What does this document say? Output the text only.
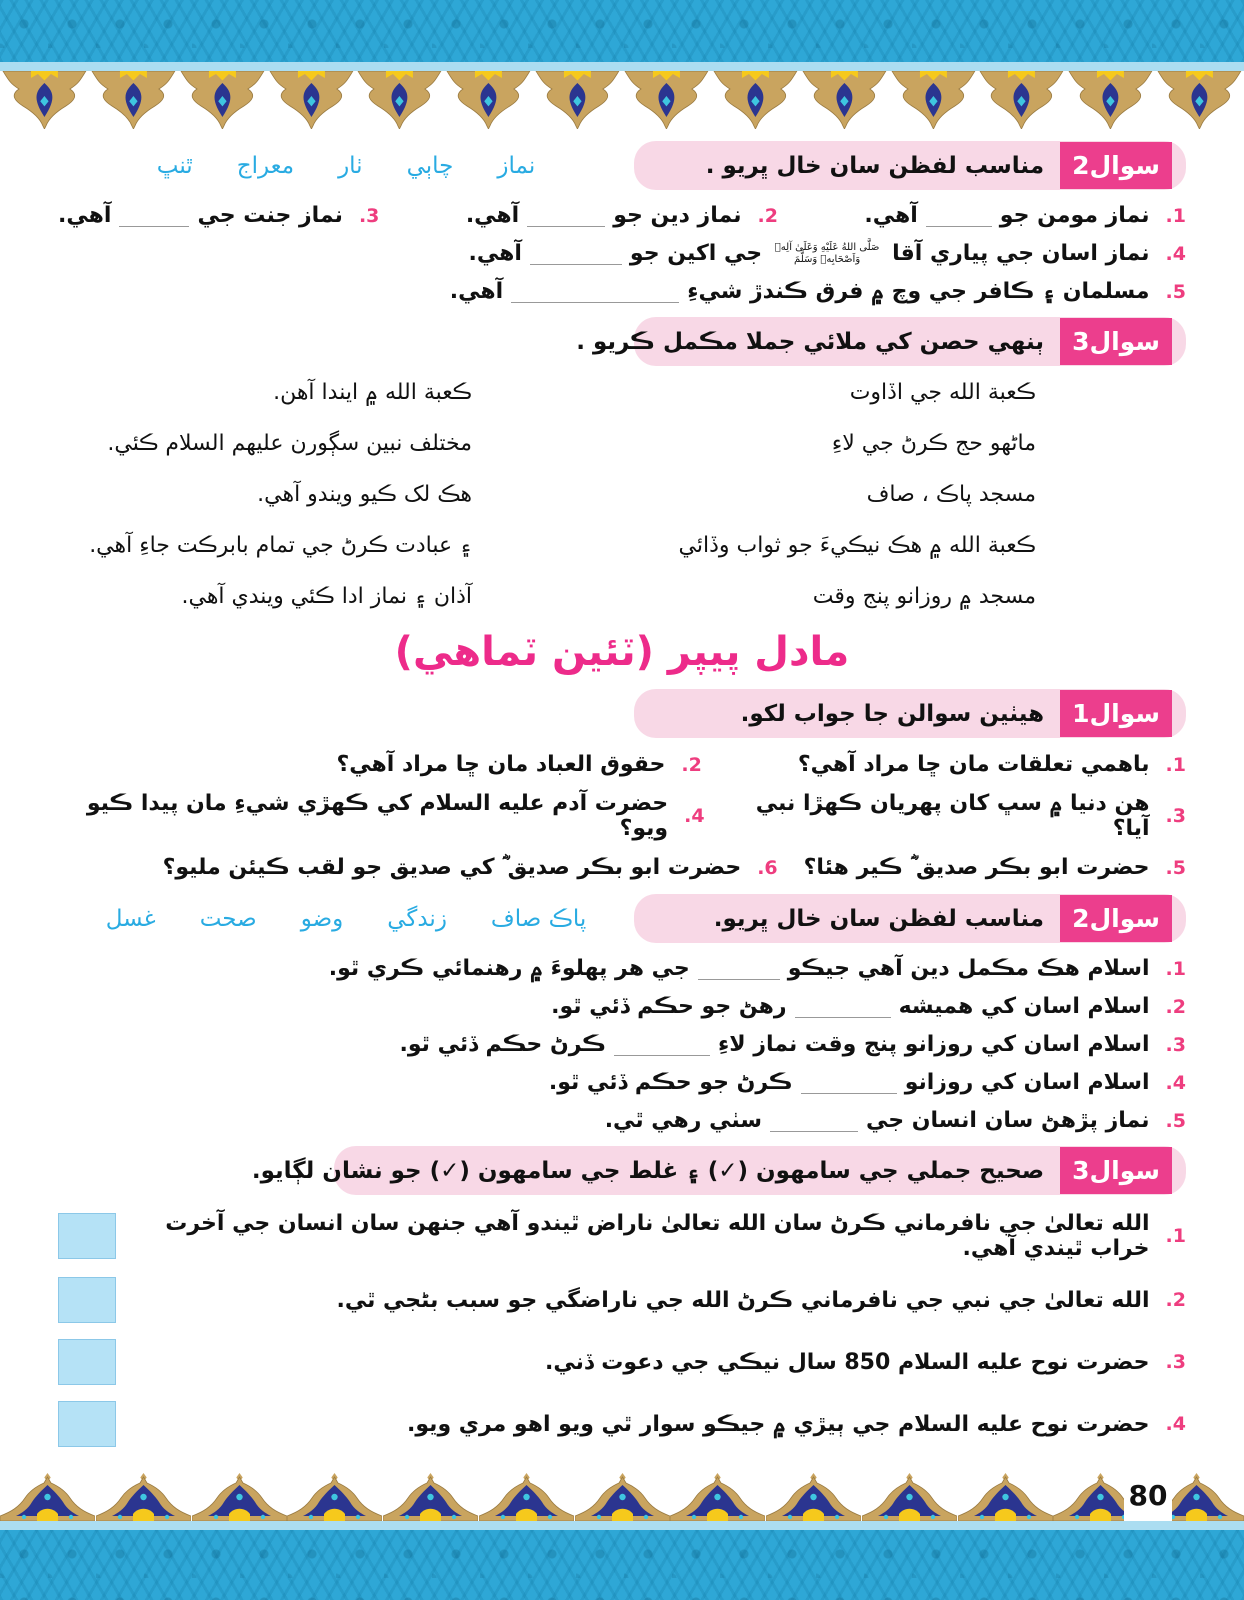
سوال2
مناسب لفظن سان خال ڀريو .
نماز
چاٻي
ٺار
معراج
ٿنڀ
1.
نماز مومن جو
آهي.
2.
نماز دين جو
آهي.
3.
نماز جنت جي
آهي.
4.
نماز اسان جي پياري آقا
صَلَّى اللهُ عَلَيْهِ وَعَلَىٰ آلِهٖ وَاَصْحَابِهٖ وَسَلَّمَ
جي اکين جو
آهي.
5.
مسلمان ۽ ڪافر جي وچ ۾ فرق ڪندڙ شيءِ
آهي.
سوال3
ٻنهي حصن کي ملائي جملا مڪمل ڪريو .
ڪعبة الله جي اڏاوت
ڪعبة الله ۾ ايندا آهن.
ماڻهو حج ڪرڻ جي لاءِ
مختلف نبين سڳورن عليهم السلام ڪئي.
مسجد پاڪ ، صاف
هڪ لک ڪيو ويندو آهي.
ڪعبة الله ۾ هڪ نيڪيءَ جو ثواب وڏائي
۽ عبادت ڪرڻ جي تمام بابرڪت جاءِ آهي.
مسجد ۾ روزانو پنج وقت
آذان ۽ نماز ادا ڪئي ويندي آهي.
مادل پيپر (ٽئين ٽماهي)
سوال1
هيٺين سوالن جا جواب لکو.
1.
باهمي تعلقات مان ڇا مراد آهي؟
2.
حقوق العباد مان ڇا مراد آهي؟
3.
هن دنيا ۾ سڀ کان پهريان ڪهڙا نبي آيا؟
4.
حضرت آدم عليه السلام کي ڪهڙي شيءِ مان پيدا ڪيو ويو؟
5.
حضرت ابو بڪر صديق ؓ ڪير هئا؟
6.
حضرت ابو بڪر صديق ؓ کي صديق جو لقب ڪيئن مليو؟
سوال2
مناسب لفظن سان خال ڀريو.
پاڪ صاف
زندگي
وضو
صحت
غسل
1.
اسلام هڪ مڪمل دين آهي جيڪو
جي هر پهلوءَ ۾ رهنمائي ڪري ٿو.
2.
اسلام اسان کي هميشه
رهڻ جو حڪم ڏئي ٿو.
3.
اسلام اسان کي روزانو پنج وقت نماز لاءِ
ڪرڻ حڪم ڏئي ٿو.
4.
اسلام اسان کي روزانو
ڪرڻ جو حڪم ڏئي ٿو.
5.
نماز پڙهڻ سان انسان جي
سٺي رهي ٿي.
سوال3
صحيح جملي جي سامهون (✓) ۽ غلط جي سامهون (✓) جو نشان لڳايو.
1.
الله تعالىٰ جي نافرماني ڪرڻ سان الله تعالىٰ ناراض ٿيندو آهي جنهن سان انسان جي آخرت خراب ٿيندي آهي.
2.
الله تعالىٰ جي نبي جي نافرماني ڪرڻ الله جي ناراضگي جو سبب بڻجي ٿي.
3.
حضرت نوح عليه السلام 850 سال نيڪي جي دعوت ڏني.
4.
حضرت نوح عليه السلام جي ٻيڙي ۾ جيڪو سوار ٿي ويو اهو مري ويو.
80
